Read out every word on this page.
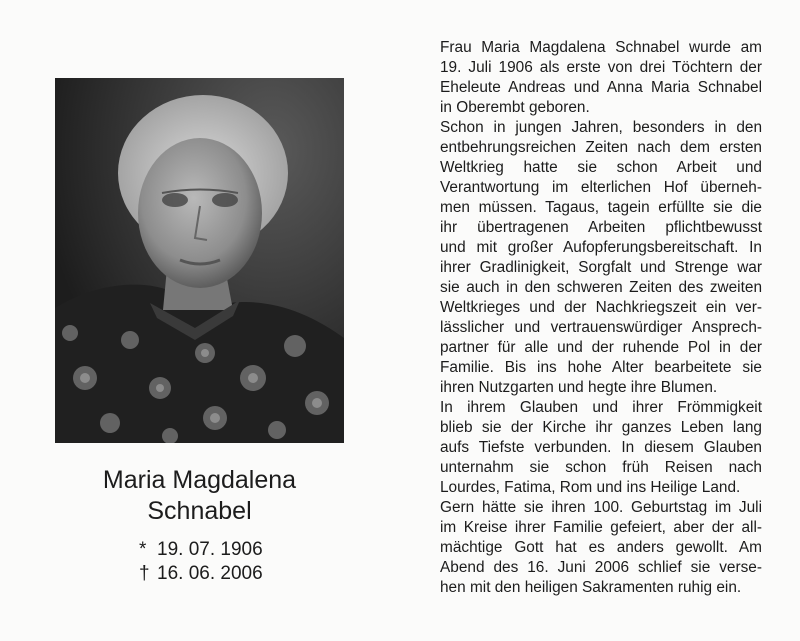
Maria Magdalena
Schnabel
* 19. 07. 1906
† 16. 06. 2006
Frau Maria Magdalena Schnabel wurde am
19. Juli 1906 als erste von drei Töchtern der
Eheleute Andreas und Anna Maria Schnabel
in Oberembt geboren.
Schon in jungen Jahren, besonders in den
entbehrungsreichen Zeiten nach dem ersten
Weltkrieg hatte sie schon Arbeit und
Verantwortung im elterlichen Hof überneh-
men müssen. Tagaus, tagein erfüllte sie die
ihr übertragenen Arbeiten pflichtbewusst
und mit großer Aufopferungsbereitschaft. In
ihrer Gradlinigkeit, Sorgfalt und Strenge war
sie auch in den schweren Zeiten des zweiten
Weltkrieges und der Nachkriegszeit ein ver-
lässlicher und vertrauenswürdiger Ansprech-
partner für alle und der ruhende Pol in der
Familie. Bis ins hohe Alter bearbeitete sie
ihren Nutzgarten und hegte ihre Blumen.
In ihrem Glauben und ihrer Frömmigkeit
blieb sie der Kirche ihr ganzes Leben lang
aufs Tiefste verbunden. In diesem Glauben
unternahm sie schon früh Reisen nach
Lourdes, Fatima, Rom und ins Heilige Land.
Gern hätte sie ihren 100. Geburtstag im Juli
im Kreise ihrer Familie gefeiert, aber der all-
mächtige Gott hat es anders gewollt. Am
Abend des 16. Juni 2006 schlief sie verse-
hen mit den heiligen Sakramenten ruhig ein.
